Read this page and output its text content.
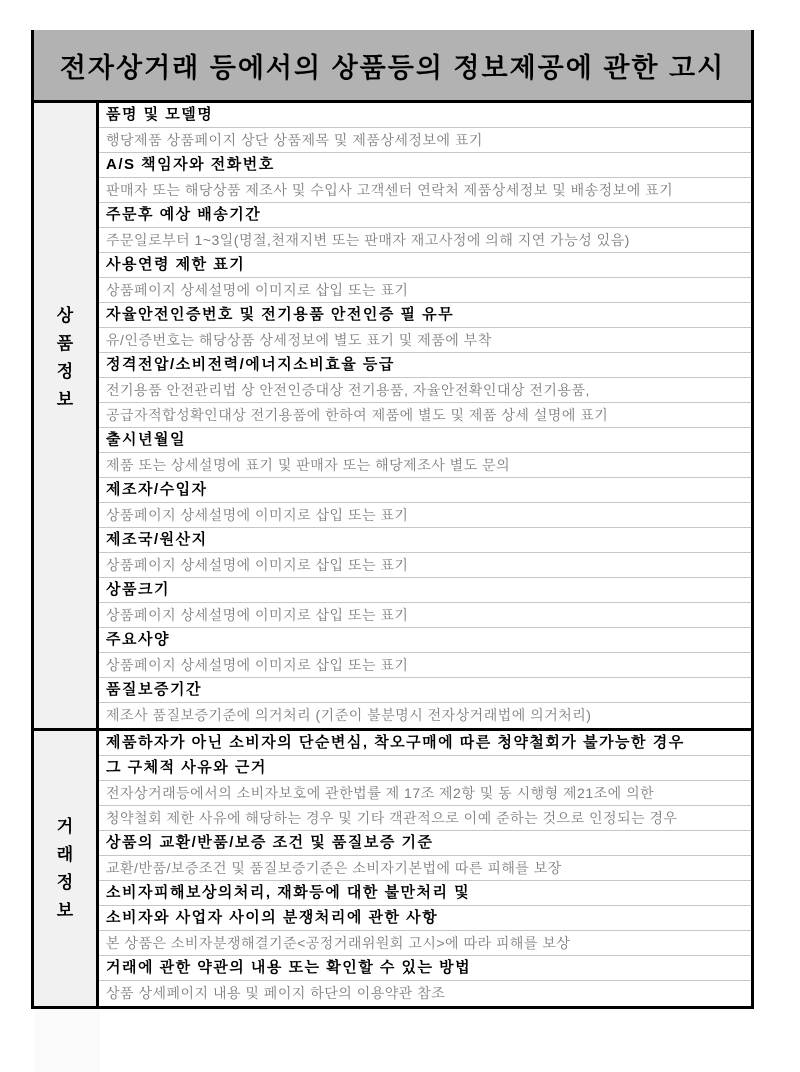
전자상거래 등에서의 상품등의 정보제공에 관한 고시
상
품
정
보
품명 및 모델명
행당제품 상품페이지 상단 상품제목 및 제품상세정보에 표기
A/S 책임자와 전화번호
판매자 또는 해당상품 제조사 및 수입사 고객센터 연락처 제품상세정보 및 배송정보에 표기
주문후 예상 배송기간
주문일로부터 1~3일(명절,천재지변 또는 판매자 재고사정에 의해 지연 가능성 있음)
사용연령 제한 표기
상품페이지 상세설명에 이미지로 삽입 또는 표기
자율안전인증번호 및 전기용품 안전인증 필 유무
유/인증번호는 해당상품 상세정보에 별도 표기 및 제품에 부착
정격전압/소비전력/에너지소비효율 등급
전기용품 안전관리법 상 안전인증대상 전기용품, 자율안전확인대상 전기용품,
공급자적합성확인대상 전기용품에 한하여 제품에 별도 및 제품 상세 설명에 표기
출시년월일
제품 또는 상세설명에 표기 및 판매자 또는 해당제조사 별도 문의
제조자/수입자
상품페이지 상세설명에 이미지로 삽입 또는 표기
제조국/원산지
상품페이지 상세설명에 이미지로 삽입 또는 표기
상품크기
상품페이지 상세설명에 이미지로 삽입 또는 표기
주요사양
상품페이지 상세설명에 이미지로 삽입 또는 표기
품질보증기간
제조사 품질보증기준에 의거처리 (기준이 불분명시 전자상거래법에 의거처리)
거
래
정
보
제품하자가 아닌 소비자의 단순변심, 착오구매에 따른 청약철회가 불가능한 경우
그 구체적 사유와 근거
전자상거래등에서의 소비자보호에 관한법률 제 17조 제2항 및 동 시행형 제21조에 의한
청약철회 제한 사유에 해당하는 경우 및 기타 객관적으로 이예 준하는 것으로 인정되는 경우
상품의 교환/반품/보증 조건 및 품질보증 기준
교환/반품/보증조건 및 품질보증기준은 소비자기본법에 따른 피해를 보장
소비자피해보상의처리, 재화등에 대한 불만처리 및
소비자와 사업자 사이의 분쟁처리에 관한 사항
본 상품은 소비자분쟁해결기준<공정거래위원회 고시>에 따라 피해를 보상
거래에 관한 약관의 내용 또는 확인할 수 있는 방법
상품 상세페이지 내용 및 페이지 하단의 이용약관 참조
